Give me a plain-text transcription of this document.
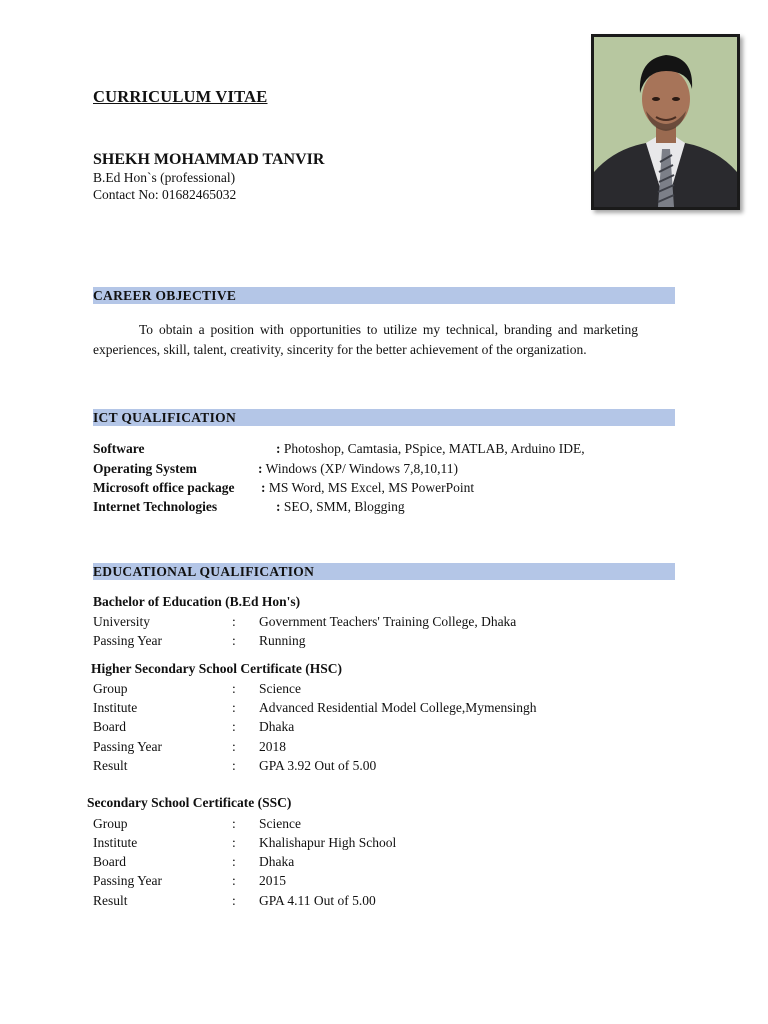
CURRICULUM VITAE
SHEKH MOHAMMAD TANVIR
B.Ed Hon`s (professional)
Contact No: 01682465032
CAREER OBJECTIVE
To obtain a position with opportunities to utilize my technical, branding and marketing experiences, skill, talent, creativity, sincerity for the better achievement of the organization.
ICT QUALIFICATION
Software	: Photoshop, Camtasia, PSpice, MATLAB, Arduino IDE,
Operating System	: Windows (XP/ Windows 7,8,10,11)
Microsoft office package : MS Word, MS Excel, MS PowerPoint
Internet Technologies	: SEO, SMM, Blogging
EDUCATIONAL QUALIFICATION
Bachelor of Education (B.Ed Hon's)
University	: Government Teachers' Training College, Dhaka
Passing Year	: Running
Higher Secondary School Certificate (HSC)
Group	: Science
Institute	: Advanced Residential Model College,Mymensingh
Board	: Dhaka
Passing Year	: 2018
Result	: GPA 3.92 Out of 5.00
Secondary School Certificate (SSC)
Group	: Science
Institute	: Khalishapur High School
Board	: Dhaka
Passing Year	: 2015
Result	: GPA 4.11 Out of 5.00
